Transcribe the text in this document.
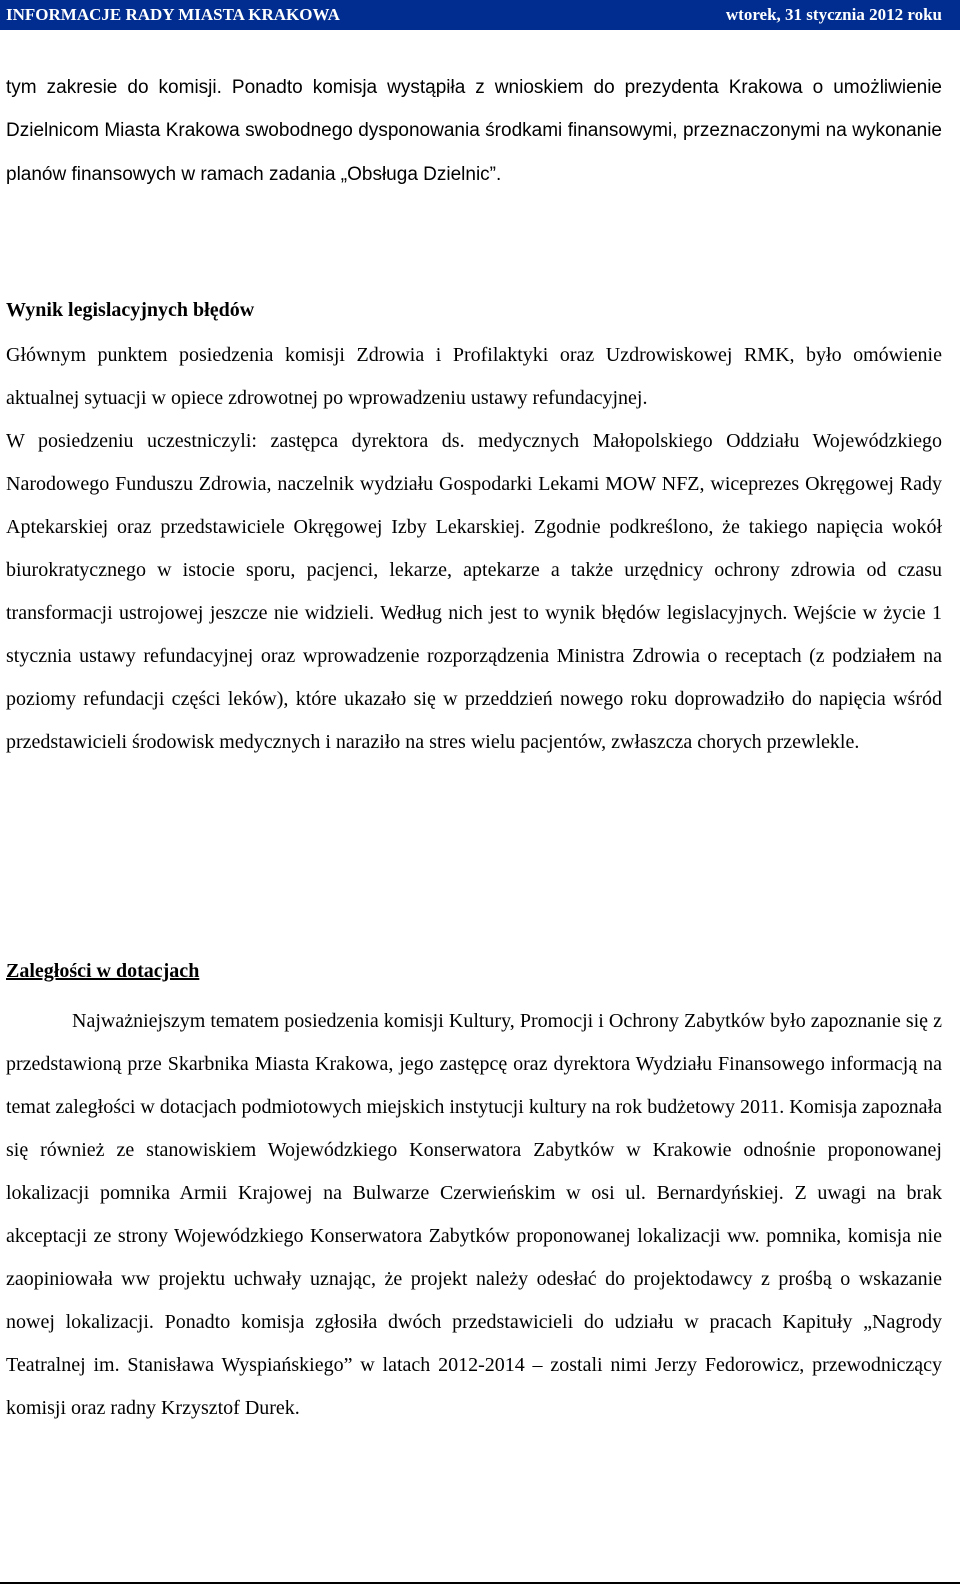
INFORMACJE RADY MIASTA KRAKOWA	wtorek, 31 stycznia 2012 roku

tym zakresie do komisji. Ponadto komisja wystąpiła z wnioskiem do prezydenta Krakowa o umożliwienie Dzielnicom Miasta Krakowa swobodnego dysponowania środkami finansowymi, przeznaczonymi na wykonanie planów finansowych w ramach zadania „Obsługa Dzielnic”.

Wynik legislacyjnych błędów

Głównym punktem posiedzenia komisji Zdrowia i Profilaktyki oraz Uzdrowiskowej RMK, było omówienie aktualnej sytuacji w opiece zdrowotnej po wprowadzeniu ustawy refundacyjnej.

W posiedzeniu uczestniczyli: zastępca dyrektora ds. medycznych Małopolskiego Oddziału Wojewódzkiego Narodowego Funduszu Zdrowia, naczelnik wydziału Gospodarki Lekami MOW NFZ, wiceprezes Okręgowej Rady Aptekarskiej oraz przedstawiciele Okręgowej Izby Lekarskiej. Zgodnie podkreślono, że takiego napięcia wokół biurokratycznego w istocie sporu, pacjenci, lekarze, aptekarze a także urzędnicy ochrony zdrowia od czasu transformacji ustrojowej jeszcze nie widzieli. Według nich jest to wynik błędów legislacyjnych. Wejście w życie 1 stycznia ustawy refundacyjnej oraz wprowadzenie rozporządzenia Ministra Zdrowia o receptach (z podziałem na poziomy refundacji części leków), które ukazało się w przeddzień nowego roku doprowadziło do napięcia wśród przedstawicieli środowisk medycznych i naraziło na stres wielu pacjentów, zwłaszcza chorych przewlekle.

Zaległości w dotacjach

Najważniejszym tematem posiedzenia komisji Kultury, Promocji i Ochrony Zabytków było zapoznanie się z przedstawioną prze Skarbnika Miasta Krakowa, jego zastępcę oraz dyrektora Wydziału Finansowego informacją na temat zaległości w dotacjach podmiotowych miejskich instytucji kultury na rok budżetowy 2011. Komisja zapoznała się również ze stanowiskiem Wojewódzkiego Konserwatora Zabytków w Krakowie odnośnie proponowanej lokalizacji pomnika Armii Krajowej na Bulwarze Czerwieńskim w osi ul. Bernardyńskiej. Z uwagi na brak akceptacji ze strony Wojewódzkiego Konserwatora Zabytków proponowanej lokalizacji ww. pomnika, komisja nie zaopiniowała ww projektu uchwały uznając, że projekt należy odesłać do projektodawcy z prośbą o wskazanie nowej lokalizacji. Ponadto komisja zgłosiła dwóch przedstawicieli do udziału w pracach Kapituły „Nagrody Teatralnej im. Stanisława Wyspiańskiego” w latach 2012-2014 – zostali nimi Jerzy Fedorowicz, przewodniczący komisji oraz radny Krzysztof Durek.
